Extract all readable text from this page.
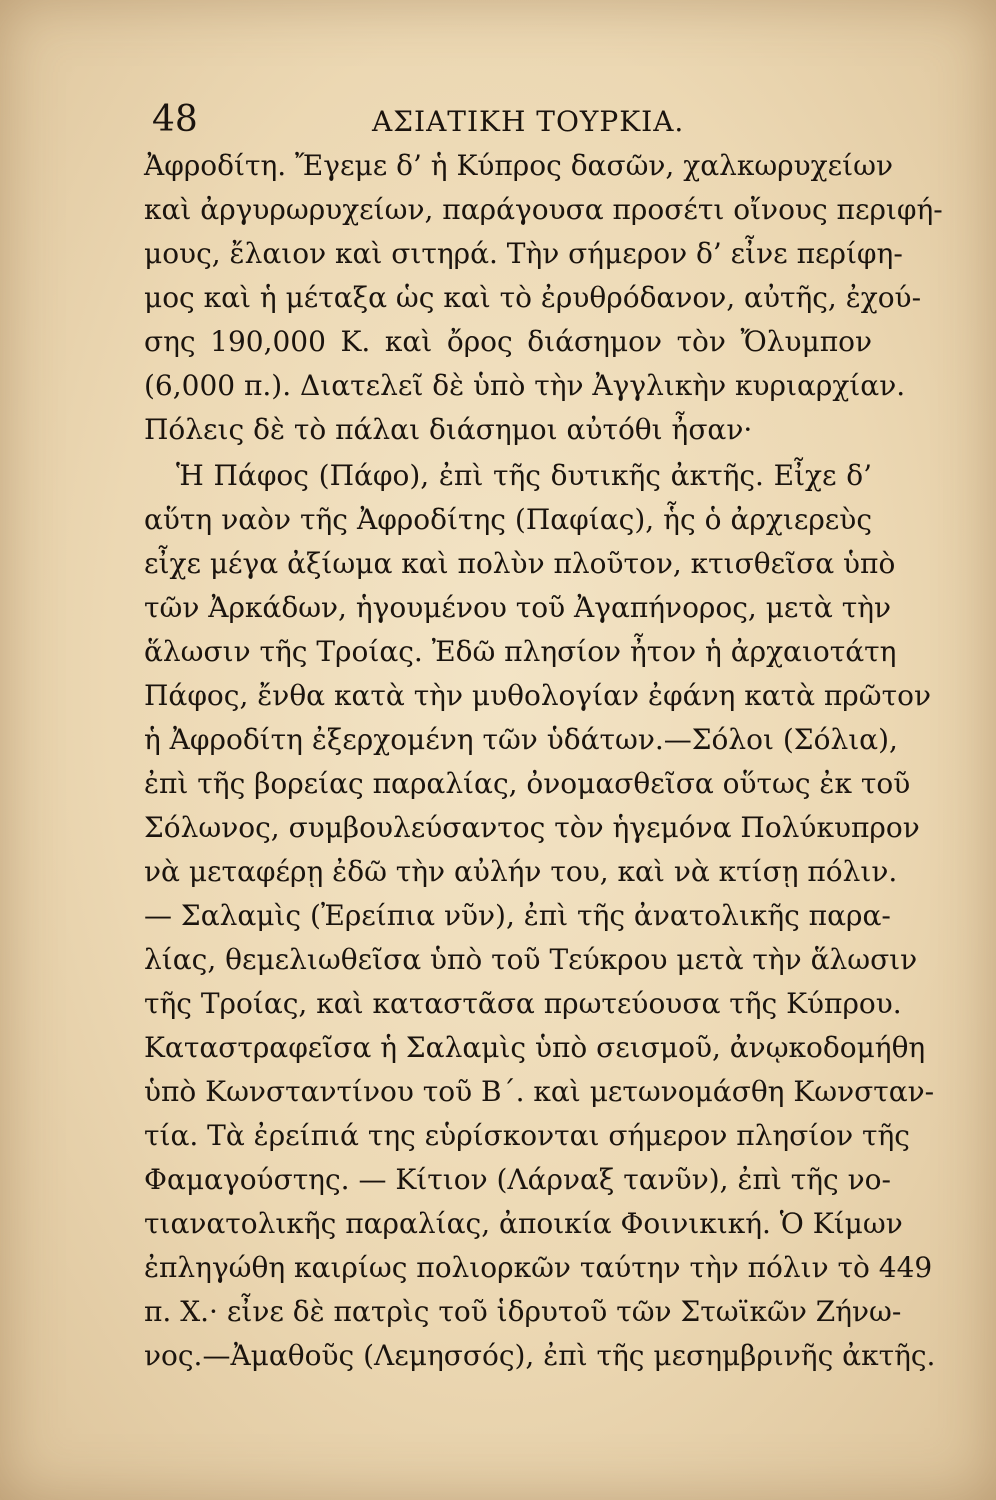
48	ΑΣΙΑΤΙΚΗ ΤΟΥΡΚΙΑ.
Ἀφροδίτη. Ἔγεμε δ’ ἡ Κύπρος δασῶν, χαλκωρυχείων
καὶ ἀργυρωρυχείων, παράγουσα προσέτι οἴνους περιφή-
μους, ἔλαιον καὶ σιτηρά. Τὴν σήμερον δ’ εἶνε περίφη-
μος καὶ ἡ μέταξα ὡς καὶ τὸ ἐρυθρόδανον, αὐτῆς, ἐχού-
σης 190,000 Κ. καὶ ὄρος διάσημον τὸν Ὄλυμπον
(6,000 π.). Διατελεῖ δὲ ὑπὸ τὴν Ἀγγλικὴν κυριαρχίαν.
Πόλεις δὲ τὸ πάλαι διάσημοι αὐτόθι ἦσαν·
Ἡ Πάφος (Πάφο), ἐπὶ τῆς δυτικῆς ἀκτῆς. Εἶχε δ’
αὕτη ναὸν τῆς Ἀφροδίτης (Παφίας), ἧς ὁ ἀρχιερεὺς
εἶχε μέγα ἀξίωμα καὶ πολὺν πλοῦτον, κτισθεῖσα ὑπὸ
τῶν Ἀρκάδων, ἡγουμένου τοῦ Ἀγαπήνορος, μετὰ τὴν
ἅλωσιν τῆς Τροίας. Ἐδῶ πλησίον ἦτον ἡ ἀρχαιοτάτη
Πάφος, ἔνθα κατὰ τὴν μυθολογίαν ἐφάνη κατὰ πρῶτον
ἡ Ἀφροδίτη ἐξερχομένη τῶν ὑδάτων.—Σόλοι (Σόλια),
ἐπὶ τῆς βορείας παραλίας, ὀνομασθεῖσα οὕτως ἐκ τοῦ
Σόλωνος, συμβουλεύσαντος τὸν ἡγεμόνα Πολύκυπρον
νὰ μεταφέρῃ ἐδῶ τὴν αὐλήν του, καὶ νὰ κτίσῃ πόλιν.
— Σαλαμὶς (Ἐρείπια νῦν), ἐπὶ τῆς ἀνατολικῆς παρα-
λίας, θεμελιωθεῖσα ὑπὸ τοῦ Τεύκρου μετὰ τὴν ἅλωσιν
τῆς Τροίας, καὶ καταστᾶσα πρωτεύουσα τῆς Κύπρου.
Καταστραφεῖσα ἡ Σαλαμὶς ὑπὸ σεισμοῦ, ἀνῳκοδομήθη
ὑπὸ Κωνσταντίνου τοῦ Β΄. καὶ μετωνομάσθη Κωνσταν-
τία. Τὰ ἐρείπιά της εὑρίσκονται σήμερον πλησίον τῆς
Φαμαγούστης. — Κίτιον (Λάρναξ τανῦν), ἐπὶ τῆς νο-
τιανατολικῆς παραλίας, ἀποικία Φοινικική. Ὁ Κίμων
ἐπληγώθη καιρίως πολιορκῶν ταύτην τὴν πόλιν τὸ 449
π. Χ.· εἶνε δὲ πατρὶς τοῦ ἱδρυτοῦ τῶν Στωϊκῶν Ζήνω-
νος.—Ἀμαθοῦς (Λεμησσός), ἐπὶ τῆς μεσημβρινῆς ἀκτῆς.
